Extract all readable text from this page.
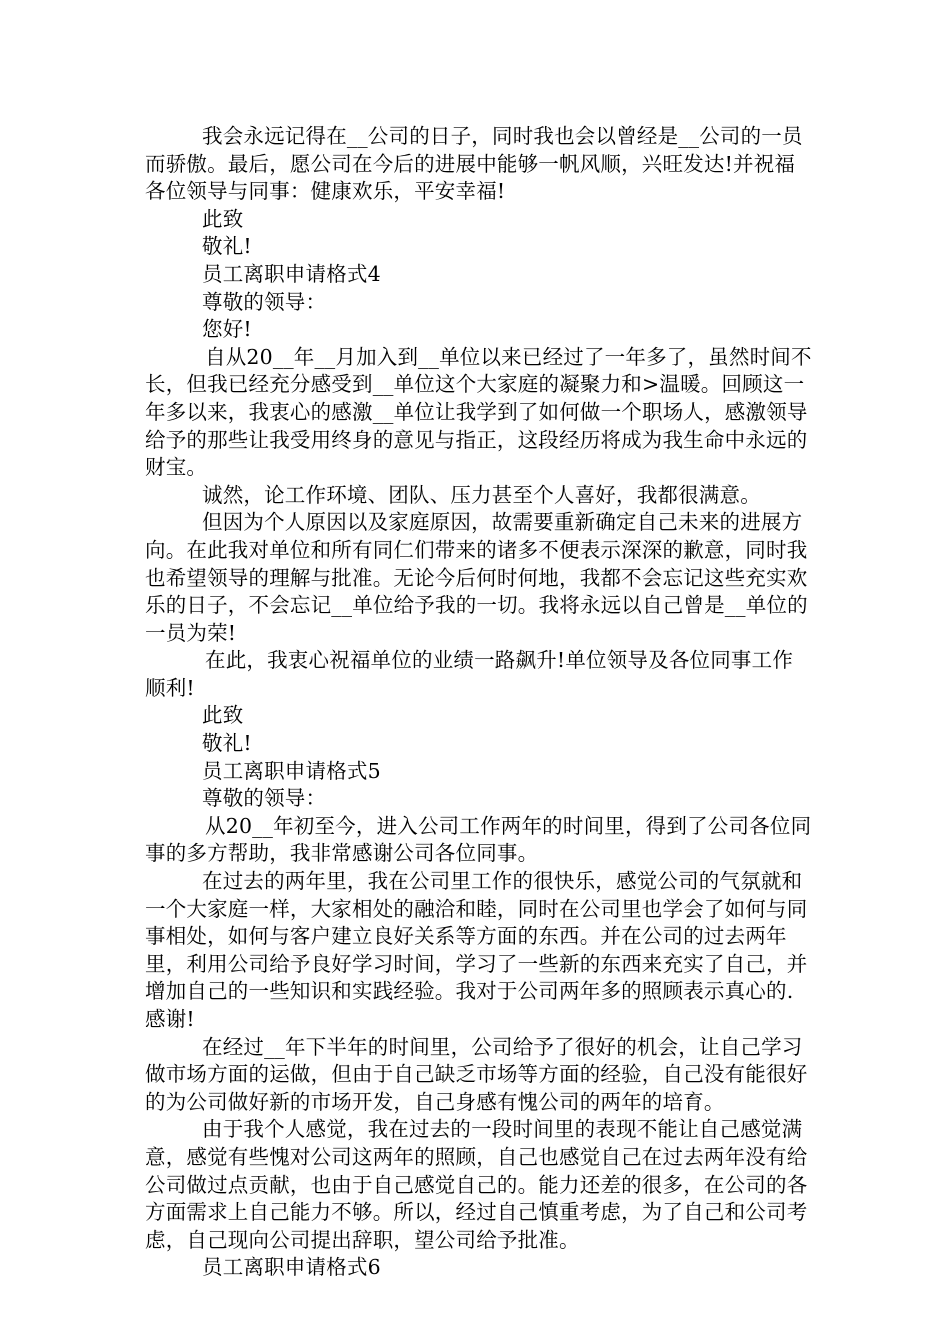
我会永远记得在__公司的日子，同时我也会以曾经是__公司的一员而骄傲。最后，愿公司在今后的进展中能够一帆风顺，兴旺发达!并祝福各位领导与同事：健康欢乐，平安幸福!

此致

敬礼!

员工离职申请格式4

尊敬的领导：

您好!

自从20__年__月加入到__单位以来已经过了一年多了，虽然时间不长，但我已经充分感受到__单位这个大家庭的凝聚力和>温暖。回顾这一年多以来，我衷心的感激__单位让我学到了如何做一个职场人，感激领导给予的那些让我受用终身的意见与指正，这段经历将成为我生命中永远的财宝。

诚然，论工作环境、团队、压力甚至个人喜好，我都很满意。

但因为个人原因以及家庭原因，故需要重新确定自己未来的进展方向。在此我对单位和所有同仁们带来的诸多不便表示深深的歉意，同时我也希望领导的理解与批准。无论今后何时何地，我都不会忘记这些充实欢乐的日子，不会忘记__单位给予我的一切。我将永远以自己曾是__单位的一员为荣!

在此，我衷心祝福单位的业绩一路飙升!单位领导及各位同事工作顺利!

此致

敬礼!

员工离职申请格式5

尊敬的领导：

从20__年初至今，进入公司工作两年的时间里，得到了公司各位同事的多方帮助，我非常感谢公司各位同事。

在过去的两年里，我在公司里工作的很快乐，感觉公司的气氛就和一个大家庭一样，大家相处的融洽和睦，同时在公司里也学会了如何与同事相处，如何与客户建立良好关系等方面的东西。并在公司的过去两年里，利用公司给予良好学习时间，学习了一些新的东西来充实了自己，并增加自己的一些知识和实践经验。我对于公司两年多的照顾表示真心的.感谢!

在经过__年下半年的时间里，公司给予了很好的机会，让自己学习做市场方面的运做，但由于自己缺乏市场等方面的经验，自己没有能很好的为公司做好新的市场开发，自己身感有愧公司的两年的培育。

由于我个人感觉，我在过去的一段时间里的表现不能让自己感觉满意，感觉有些愧对公司这两年的照顾，自己也感觉自己在过去两年没有给公司做过点贡献，也由于自己感觉自己的。能力还差的很多，在公司的各方面需求上自己能力不够。所以，经过自己慎重考虑，为了自己和公司考虑，自己现向公司提出辞职，望公司给予批准。

员工离职申请格式6
